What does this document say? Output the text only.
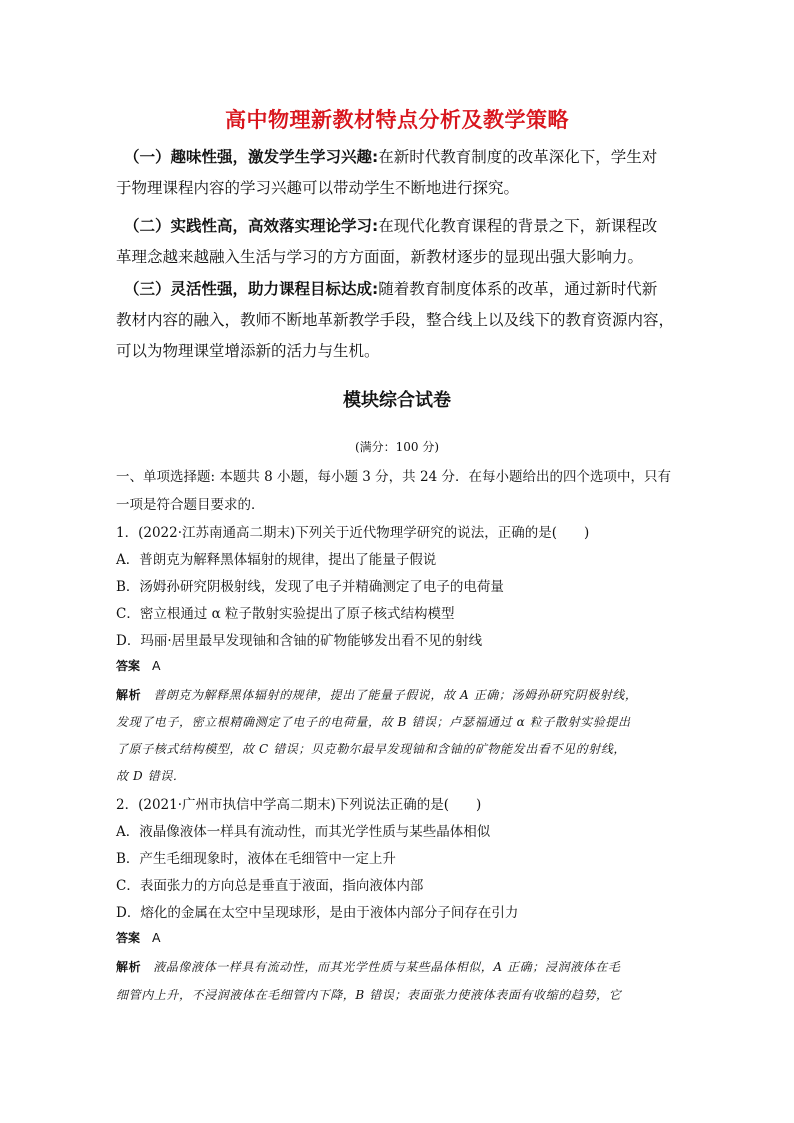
高中物理新教材特点分析及教学策略

（一）趣味性强，激发学生学习兴趣:在新时代教育制度的改革深化下，学生对

于物理课程内容的学习兴趣可以带动学生不断地进行探究。

（二）实践性高，高效落实理论学习:在现代化教育课程的背景之下，新课程改

革理念越来越融入生活与学习的方方面面，新教材逐步的显现出强大影响力。

（三）灵活性强，助力课程目标达成:随着教育制度体系的改革，通过新时代新

教材内容的融入，教师不断地革新教学手段，整合线上以及线下的教育资源内容，

可以为物理课堂增添新的活力与生机。

模块综合试卷
(满分：100 分)
一、单项选择题: 本题共 8 小题，每小题 3 分，共 24 分．在每小题给出的四个选项中，只有
一项是符合题目要求的．
1．(2022·江苏南通高二期末)下列关于近代物理学研究的说法，正确的是(　　)
A．普朗克为解释黑体辐射的规律，提出了能量子假说
B．汤姆孙研究阴极射线，发现了电子并精确测定了电子的电荷量
C．密立根通过 α 粒子散射实验提出了原子核式结构模型
D．玛丽·居里最早发现铀和含铀的矿物能够发出看不见的射线
答案 A
解析 普朗克为解释黑体辐射的规律，提出了能量子假说，故 A 正确；汤姆孙研究阴极射线，
发现了电子，密立根精确测定了电子的电荷量，故 B 错误；卢瑟福通过 α 粒子散射实验提出
了原子核式结构模型，故 C 错误；贝克勒尔最早发现铀和含铀的矿物能发出看不见的射线，
故 D 错误．
2．(2021·广州市执信中学高二期末)下列说法正确的是(　　)
A．液晶像液体一样具有流动性，而其光学性质与某些晶体相似
B．产生毛细现象时，液体在毛细管中一定上升
C．表面张力的方向总是垂直于液面，指向液体内部
D．熔化的金属在太空中呈现球形，是由于液体内部分子间存在引力
答案 A
解析 液晶像液体一样具有流动性，而其光学性质与某些晶体相似，A 正确；浸润液体在毛
细管内上升，不浸润液体在毛细管内下降，B 错误；表面张力使液体表面有收缩的趋势，它
